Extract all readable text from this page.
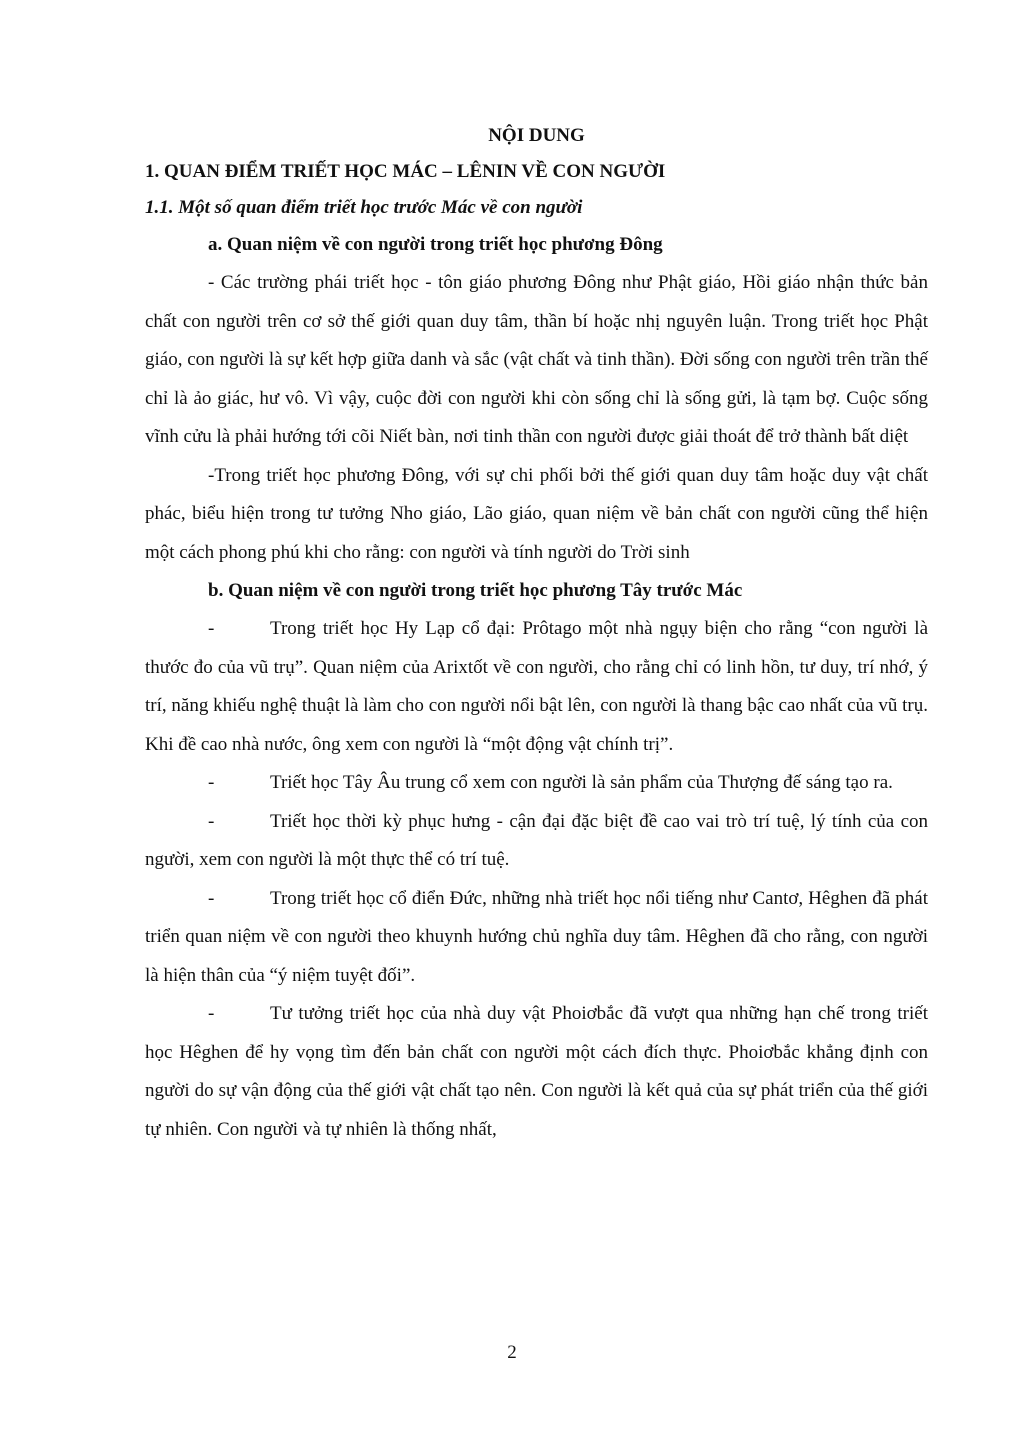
NỘI DUNG

1. QUAN ĐIỂM TRIẾT HỌC MÁC – LÊNIN VỀ CON NGƯỜI

1.1. Một số quan điểm triết học trước Mác về con người

a. Quan niệm về con người trong triết học phương Đông

- Các trường phái triết học - tôn giáo phương Đông như Phật giáo, Hồi giáo nhận thức bản chất con người trên cơ sở thế giới quan duy tâm, thần bí hoặc nhị nguyên luận. Trong triết học Phật giáo, con người là sự kết hợp giữa danh và sắc (vật chất và tinh thần). Đời sống con người trên trần thế chỉ là ảo giác, hư vô. Vì vậy, cuộc đời con người khi còn sống chỉ là sống gửi, là tạm bợ. Cuộc sống vĩnh cửu là phải hướng tới cõi Niết bàn, nơi tinh thần con người được giải thoát để trở thành bất diệt

-Trong triết học phương Đông, với sự chi phối bởi thế giới quan duy tâm hoặc duy vật chất phác, biểu hiện trong tư tưởng Nho giáo, Lão giáo, quan niệm về bản chất con người cũng thể hiện một cách phong phú khi cho rằng: con người và tính người do Trời sinh

b. Quan niệm về con người trong triết học phương Tây trước Mác

-	Trong triết học Hy Lạp cổ đại: Prôtago một nhà ngụy biện cho rằng “con người là thước đo của vũ trụ”. Quan niệm của Arixtốt về con người, cho rằng chỉ có linh hồn, tư duy, trí nhớ, ý trí, năng khiếu nghệ thuật là làm cho con người nổi bật lên, con người là thang bậc cao nhất của vũ trụ. Khi đề cao nhà nước, ông xem con người là “một động vật chính trị”.

-	Triết học Tây Âu trung cổ xem con người là sản phẩm của Thượng đế sáng tạo ra.

-	Triết học thời kỳ phục hưng - cận đại đặc biệt đề cao vai trò trí tuệ, lý tính của con người, xem con người là một thực thể có trí tuệ.

-	Trong triết học cổ điển Đức, những nhà triết học nổi tiếng như Cantơ, Hêghen đã phát triển quan niệm về con người theo khuynh hướng chủ nghĩa duy tâm. Hêghen đã cho rằng, con người là hiện thân của “ý niệm tuyệt đối”.

-	Tư tưởng triết học của nhà duy vật Phoiơbắc đã vượt qua những hạn chế trong triết học Hêghen để hy vọng tìm đến bản chất con người một cách đích thực. Phoiơbắc khẳng định con người do sự vận động của thế giới vật chất tạo nên. Con người là kết quả của sự phát triển của thế giới tự nhiên. Con người và tự nhiên là thống nhất,

2
